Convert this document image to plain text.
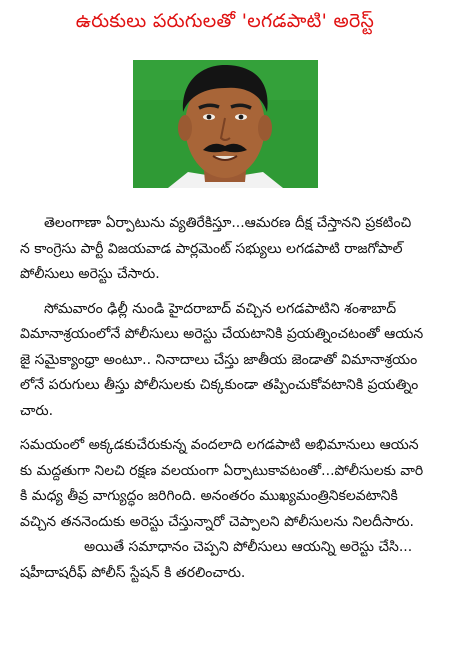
ఉరుకులు పరుగులతో 'లగడపాటి' అరెస్ట్
తెలంగాణా ఏర్పాటును వ్యతిరేకిస్తూ...ఆమరణ దీక్ష చేస్తానని ప్రకటించి
న కాంగ్రెసు పార్టీ విజయవాడ పార్లమెంట్ సభ్యులు లగడపాటి రాజగోపాల్
పోలీసులు అరెస్టు చేసారు.
సోమవారం ఢిల్లీ నుండి హైదరాబాద్ వచ్చిన లగడపాటిని శంశాబాద్
విమానాశ్రయంలోనే పోలీసులు అరెస్టు చేయటానికి ప్రయత్నించటంతో ఆయన
జై సమైక్యాంధ్రా అంటూ.. నినాదాలు చేస్తు జాతీయ జెండాతో విమానాశ్రయం
లోనే పరుగులు తీస్తు పోలీసులకు చిక్కకుండా తప్పించుకోవటానికి ప్రయత్నిం
చారు.
సమయంలో అక్కడకుచేరుకున్న వందలాది లగడపాటి అభిమానులు ఆయన
కు మద్దతుగా నిలచి రక్షణ వలయంగా ఏర్పాటుకావటంతో...పోలీసులకు వారి
కి మధ్య తీవ్ర వాగ్యుద్ధం జరిగింది. అనంతరం ముఖ్యమంత్రినికలవటానికి
వచ్చిన తననెందుకు అరెస్టు చేస్తున్నారో చెప్పాలని పోలీసులను నిలదీసారు.
అయితే సమాధానం చెప్పని పోలీసులు ఆయన్ని అరెస్టు చేసి...
షహీదాషరీఫ్ పోలీస్ స్టేషన్ కి తరలించారు.
